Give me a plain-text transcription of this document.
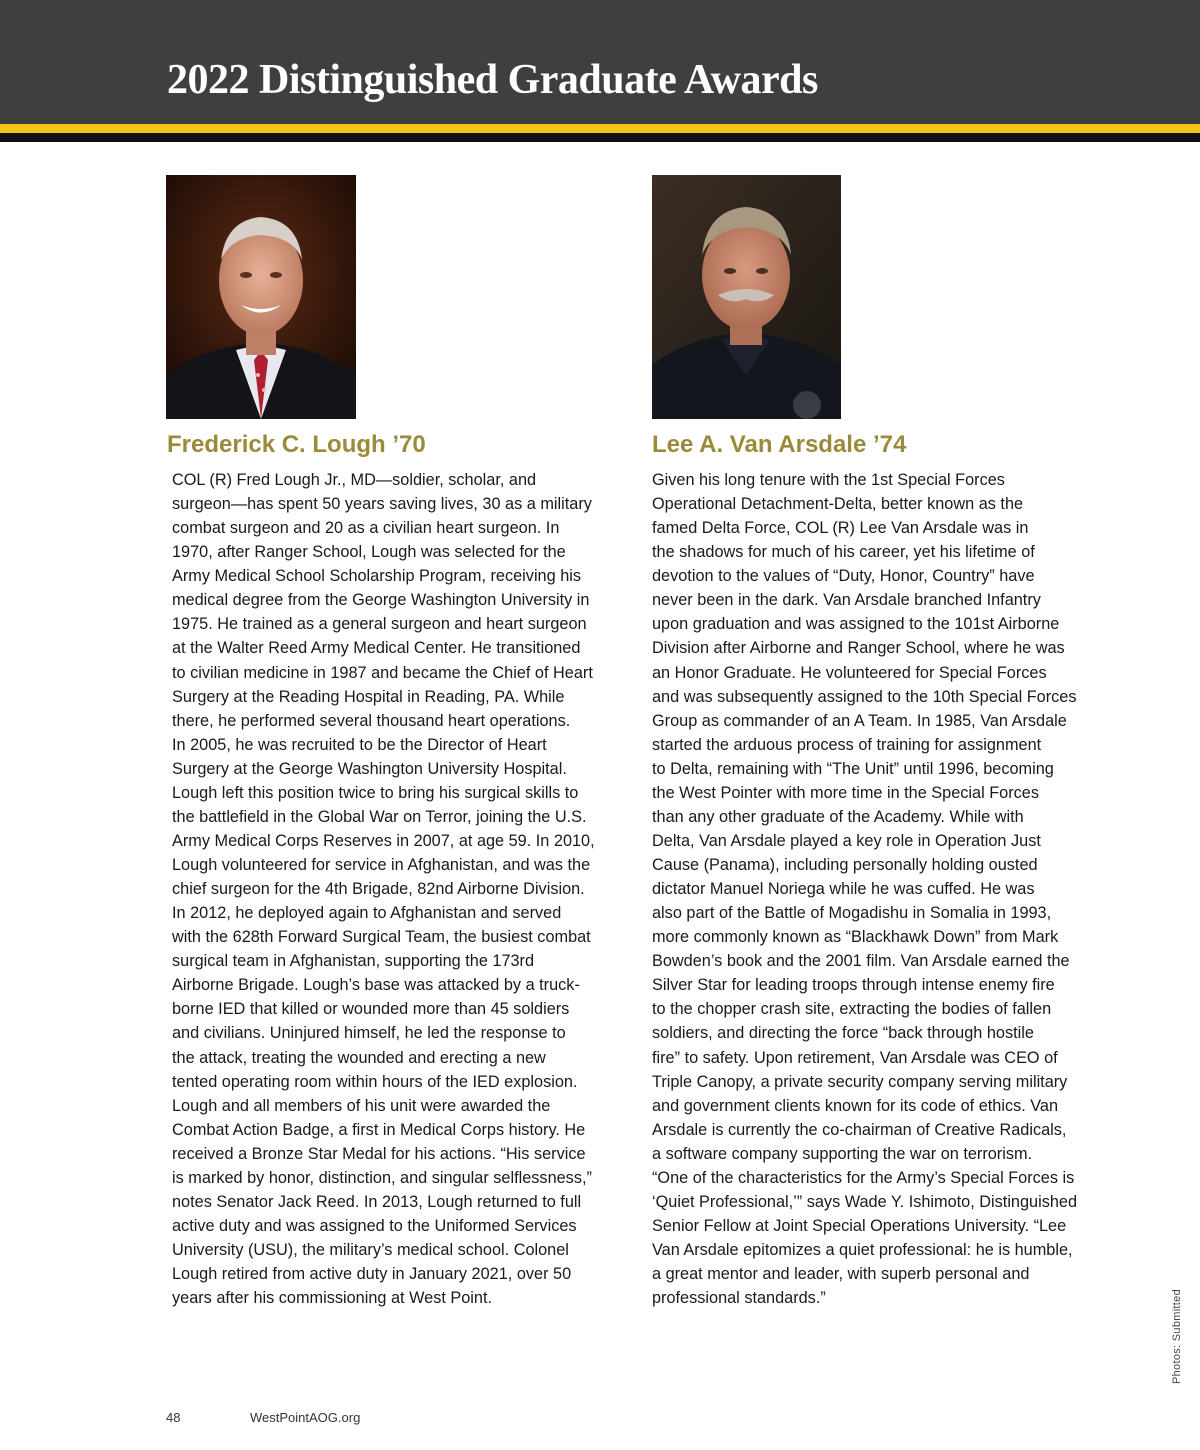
2022 Distinguished Graduate Awards
Frederick C. Lough ’70	Lee A. Van Arsdale ’74
COL (R) Fred Lough Jr., MD—soldier, scholar, and
surgeon—has spent 50 years saving lives, 30 as a military
combat surgeon and 20 as a civilian heart surgeon. In
1970, after Ranger School, Lough was selected for the
Army Medical School Scholarship Program, receiving his
medical degree from the George Washington University in
1975. He trained as a general surgeon and heart surgeon
at the Walter Reed Army Medical Center. He transitioned
to civilian medicine in 1987 and became the Chief of Heart
Surgery at the Reading Hospital in Reading, PA. While
there, he performed several thousand heart operations.
In 2005, he was recruited to be the Director of Heart
Surgery at the George Washington University Hospital.
Lough left this position twice to bring his surgical skills to
the battlefield in the Global War on Terror, joining the U.S.
Army Medical Corps Reserves in 2007, at age 59. In 2010,
Lough volunteered for service in Afghanistan, and was the
chief surgeon for the 4th Brigade, 82nd Airborne Division.
In 2012, he deployed again to Afghanistan and served
with the 628th Forward Surgical Team, the busiest combat
surgical team in Afghanistan, supporting the 173rd
Airborne Brigade. Lough’s base was attacked by a truck-
borne IED that killed or wounded more than 45 soldiers
and civilians. Uninjured himself, he led the response to
the attack, treating the wounded and erecting a new
tented operating room within hours of the IED explosion.
Lough and all members of his unit were awarded the
Combat Action Badge, a first in Medical Corps history. He
received a Bronze Star Medal for his actions. “His service
is marked by honor, distinction, and singular selflessness,”
notes Senator Jack Reed. In 2013, Lough returned to full
active duty and was assigned to the Uniformed Services
University (USU), the military’s medical school. Colonel
Lough retired from active duty in January 2021, over 50
years after his commissioning at West Point.
Given his long tenure with the 1st Special Forces
Operational Detachment-Delta, better known as the
famed Delta Force, COL (R) Lee Van Arsdale was in
the shadows for much of his career, yet his lifetime of
devotion to the values of “Duty, Honor, Country” have
never been in the dark. Van Arsdale branched Infantry
upon graduation and was assigned to the 101st Airborne
Division after Airborne and Ranger School, where he was
an Honor Graduate. He volunteered for Special Forces
and was subsequently assigned to the 10th Special Forces
Group as commander of an A Team. In 1985, Van Arsdale
started the arduous process of training for assignment
to Delta, remaining with “The Unit” until 1996, becoming
the West Pointer with more time in the Special Forces
than any other graduate of the Academy. While with
Delta, Van Arsdale played a key role in Operation Just
Cause (Panama), including personally holding ousted
dictator Manuel Noriega while he was cuffed. He was
also part of the Battle of Mogadishu in Somalia in 1993,
more commonly known as “Blackhawk Down” from Mark
Bowden’s book and the 2001 film. Van Arsdale earned the
Silver Star for leading troops through intense enemy fire
to the chopper crash site, extracting the bodies of fallen
soldiers, and directing the force “back through hostile
fire” to safety. Upon retirement, Van Arsdale was CEO of
Triple Canopy, a private security company serving military
and government clients known for its code of ethics. Van
Arsdale is currently the co-chairman of Creative Radicals,
a software company supporting the war on terrorism.
“One of the characteristics for the Army’s Special Forces is
‘Quiet Professional,’” says Wade Y. Ishimoto, Distinguished
Senior Fellow at Joint Special Operations University. “Lee
Van Arsdale epitomizes a quiet professional: he is humble,
a great mentor and leader, with superb personal and
professional standards.”	Photos: Submitted
48	WestPointAOG.org
